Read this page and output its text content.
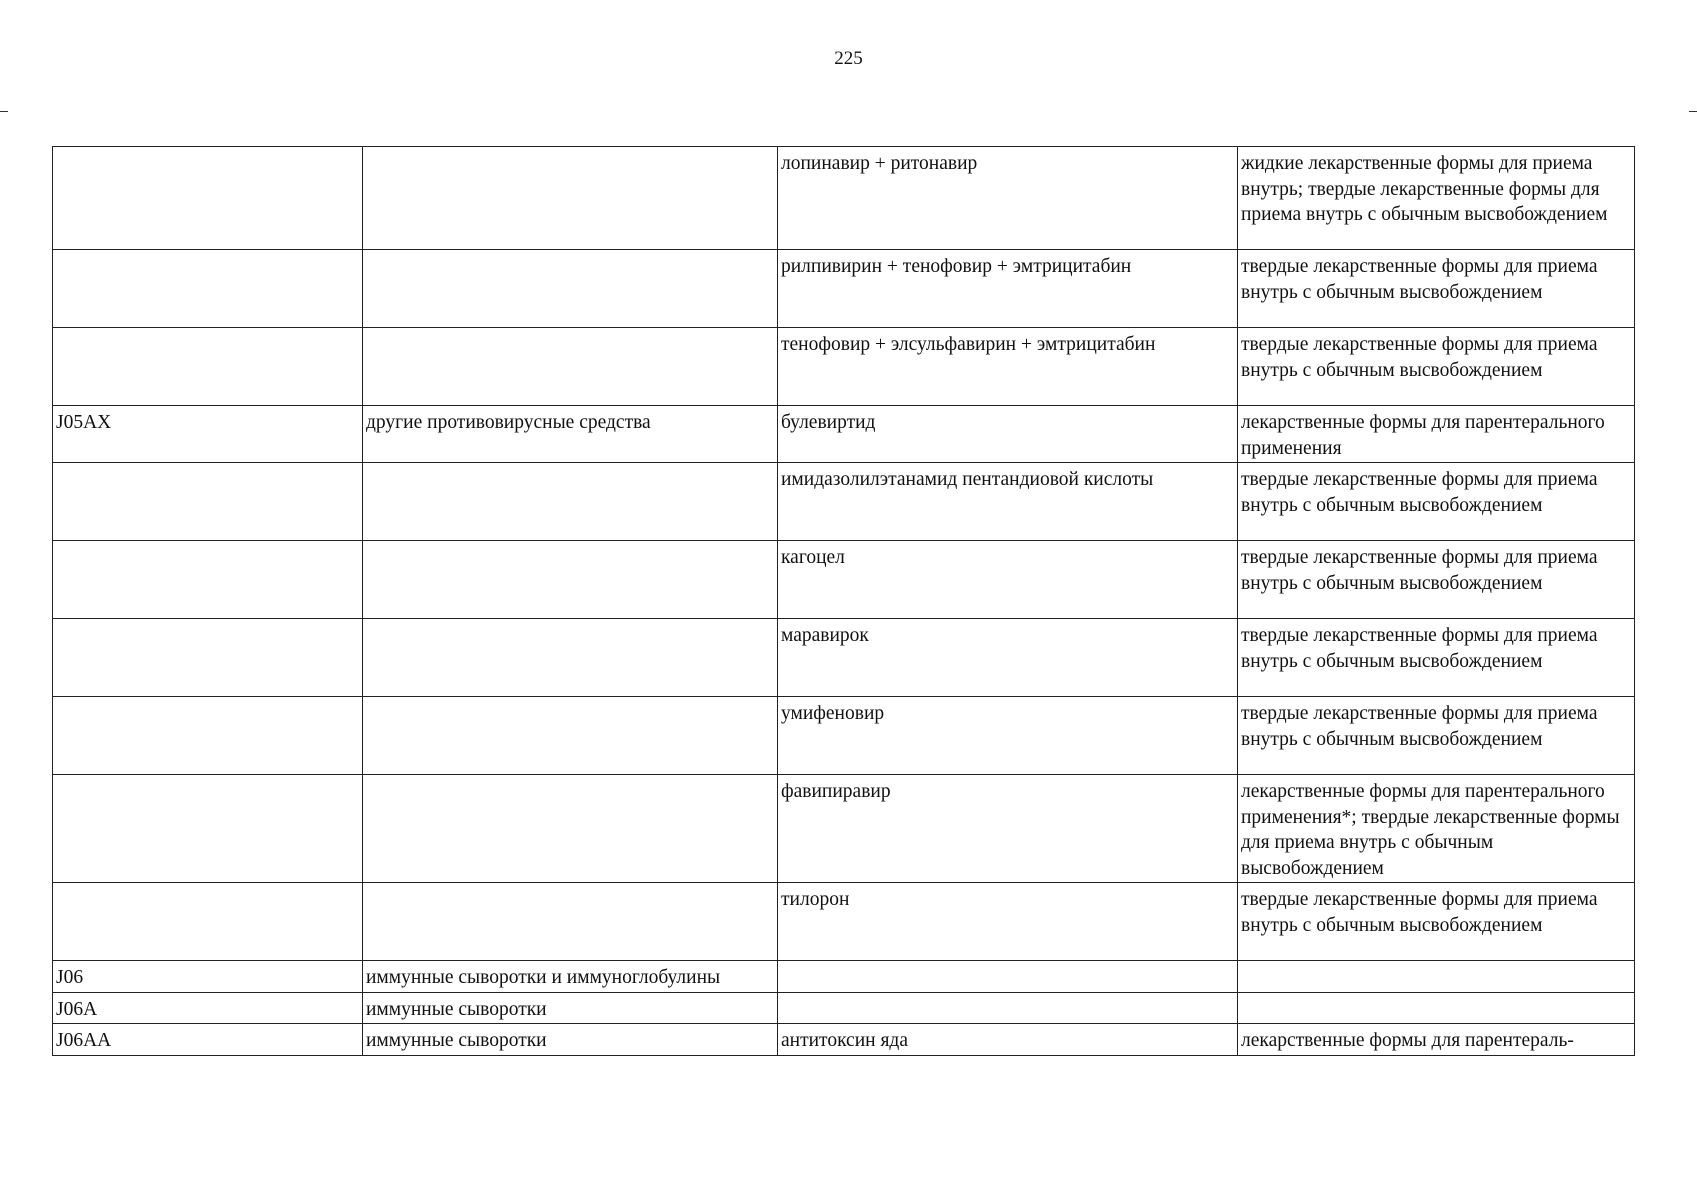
225
		лопинавир + ритонавир	жидкие лекарственные формы для приема внутрь; твердые лекарственные формы для приема внутрь с обычным высвобождением
		рилпивирин + тенофовир + эмтрицитабин	твердые лекарственные формы для приема внутрь с обычным высвобождением
		тенофовир + элсульфавирин + эмтрицитабин	твердые лекарственные формы для приема внутрь с обычным высвобождением
J05AX	другие противовирусные средства	булевиртид	лекарственные формы для парентерального применения
		имидазолилэтанамид пентандиовой кислоты	твердые лекарственные формы для приема внутрь с обычным высвобождением
		кагоцел	твердые лекарственные формы для приема внутрь с обычным высвобождением
		маравирок	твердые лекарственные формы для приема внутрь с обычным высвобождением
		умифеновир	твердые лекарственные формы для приема внутрь с обычным высвобождением
		фавипиравир	лекарственные формы для парентерального применения*; твердые лекарственные формы для приема внутрь с обычным высвобождением
		тилорон	твердые лекарственные формы для приема внутрь с обычным высвобождением
J06	иммунные сыворотки и иммуноглобулины		
J06A	иммунные сыворотки		
J06AA	иммунные сыворотки	антитоксин яда	лекарственные формы для парентераль-
